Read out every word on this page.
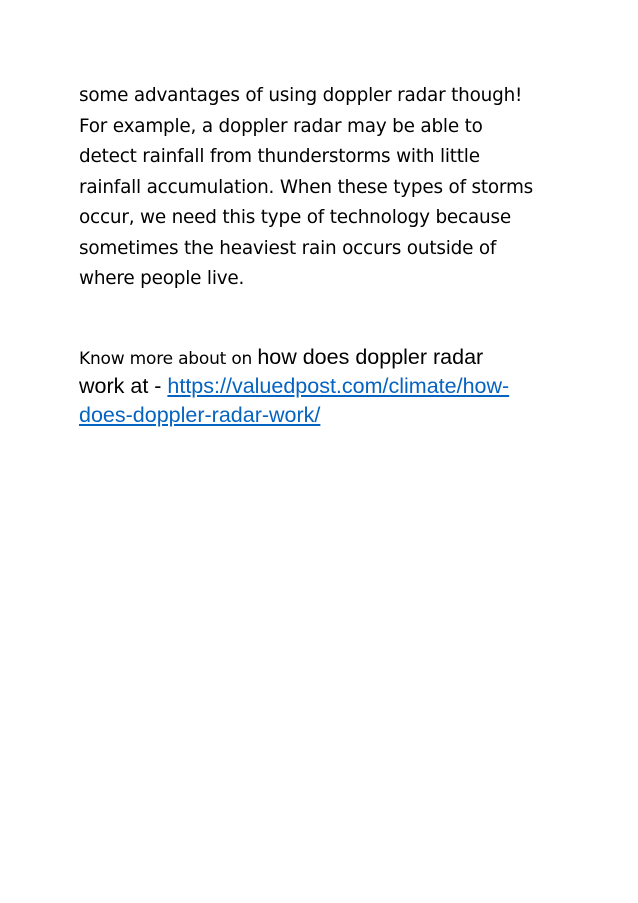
some advantages of using doppler radar though!
For example, a doppler radar may be able to
detect rainfall from thunderstorms with little
rainfall accumulation. When these types of storms
occur, we need this type of technology because
sometimes the heaviest rain occurs outside of
where people live.
Know more about on how does doppler radar
work at - https://valuedpost.com/climate/how-
does-doppler-radar-work/
